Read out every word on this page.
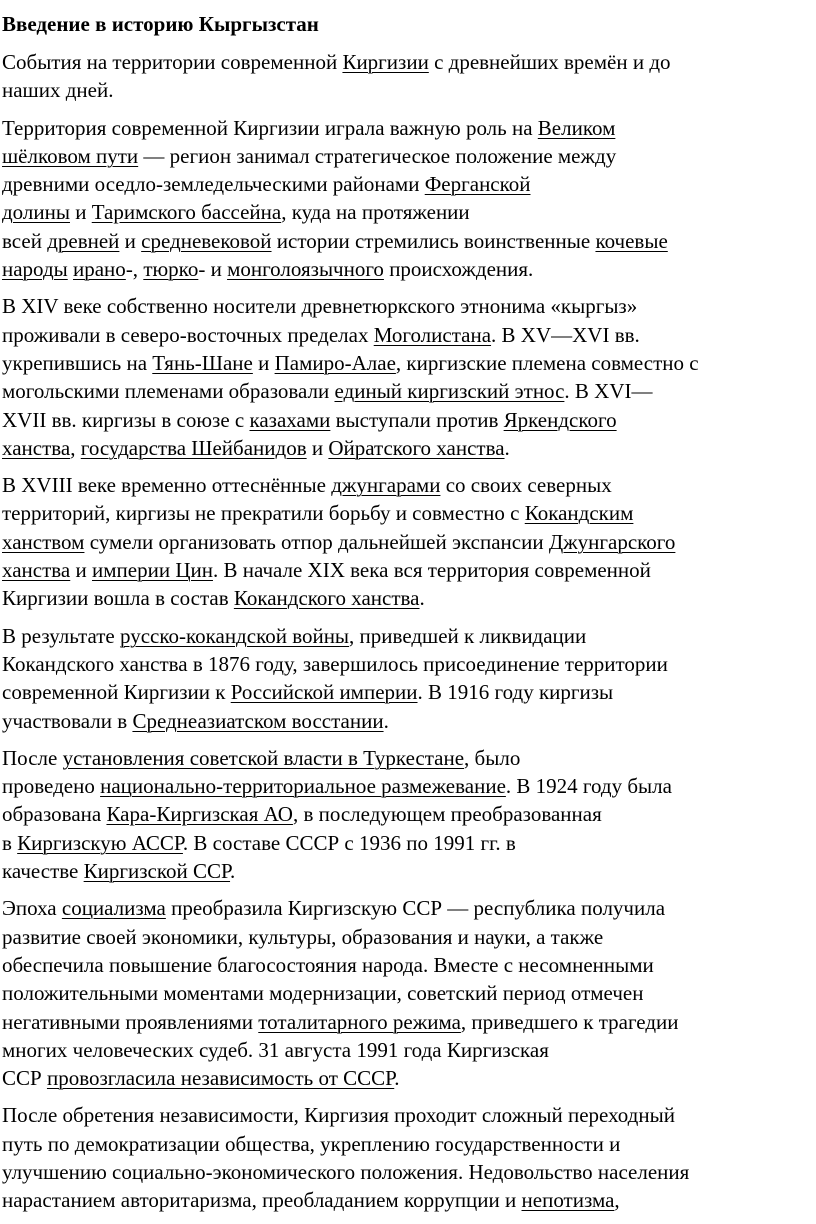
Введение в историю Кыргызстан

События на территории современной Киргизии с древнейших времён и до
наших дней.

Территория современной Киргизии играла важную роль на Великом
шёлковом пути — регион занимал стратегическое положение между
древними оседло-земледельческими районами Ферганской
долины и Таримского бассейна, куда на протяжении
всей древней и средневековой истории стремились воинственные кочевые
народы ирано-, тюрко- и монголоязычного происхождения.

В XIV веке собственно носители древнетюркского этнонима «кыргыз»
проживали в северо-восточных пределах Моголистана. В XV—XVI вв.
укрепившись на Тянь-Шане и Памиро-Алае, киргизские племена совместно с
могольскими племенами образовали единый киргизский этнос. В XVI—
XVII вв. киргизы в союзе с казахами выступали против Яркендского
ханства, государства Шейбанидов и Ойратского ханства.

В XVIII веке временно оттеснённые джунгарами со своих северных
территорий, киргизы не прекратили борьбу и совместно с Кокандским
ханством сумели организовать отпор дальнейшей экспансии Джунгарского
ханства и империи Цин. В начале XIX века вся территория современной
Киргизии вошла в состав Кокандского ханства.

В результате русско-кокандской войны, приведшей к ликвидации
Кокандского ханства в 1876 году, завершилось присоединение территории
современной Киргизии к Российской империи. В 1916 году киргизы
участвовали в Среднеазиатском восстании.

После установления советской власти в Туркестане, было
проведено национально-территориальное размежевание. В 1924 году была
образована Кара-Киргизская АО, в последующем преобразованная
в Киргизскую АССР. В составе СССР с 1936 по 1991 гг. в
качестве Киргизской ССР.

Эпоха социализма преобразила Киргизскую ССР — республика получила
развитие своей экономики, культуры, образования и науки, а также
обеспечила повышение благосостояния народа. Вместе с несомненными
положительными моментами модернизации, советский период отмечен
негативными проявлениями тоталитарного режима, приведшего к трагедии
многих человеческих судеб. 31 августа 1991 года Киргизская
ССР провозгласила независимость от СССР.

После обретения независимости, Киргизия проходит сложный переходный
путь по демократизации общества, укреплению государственности и
улучшению социально-экономического положения. Недовольство населения
нарастанием авторитаризма, преобладанием коррупции и непотизма,
